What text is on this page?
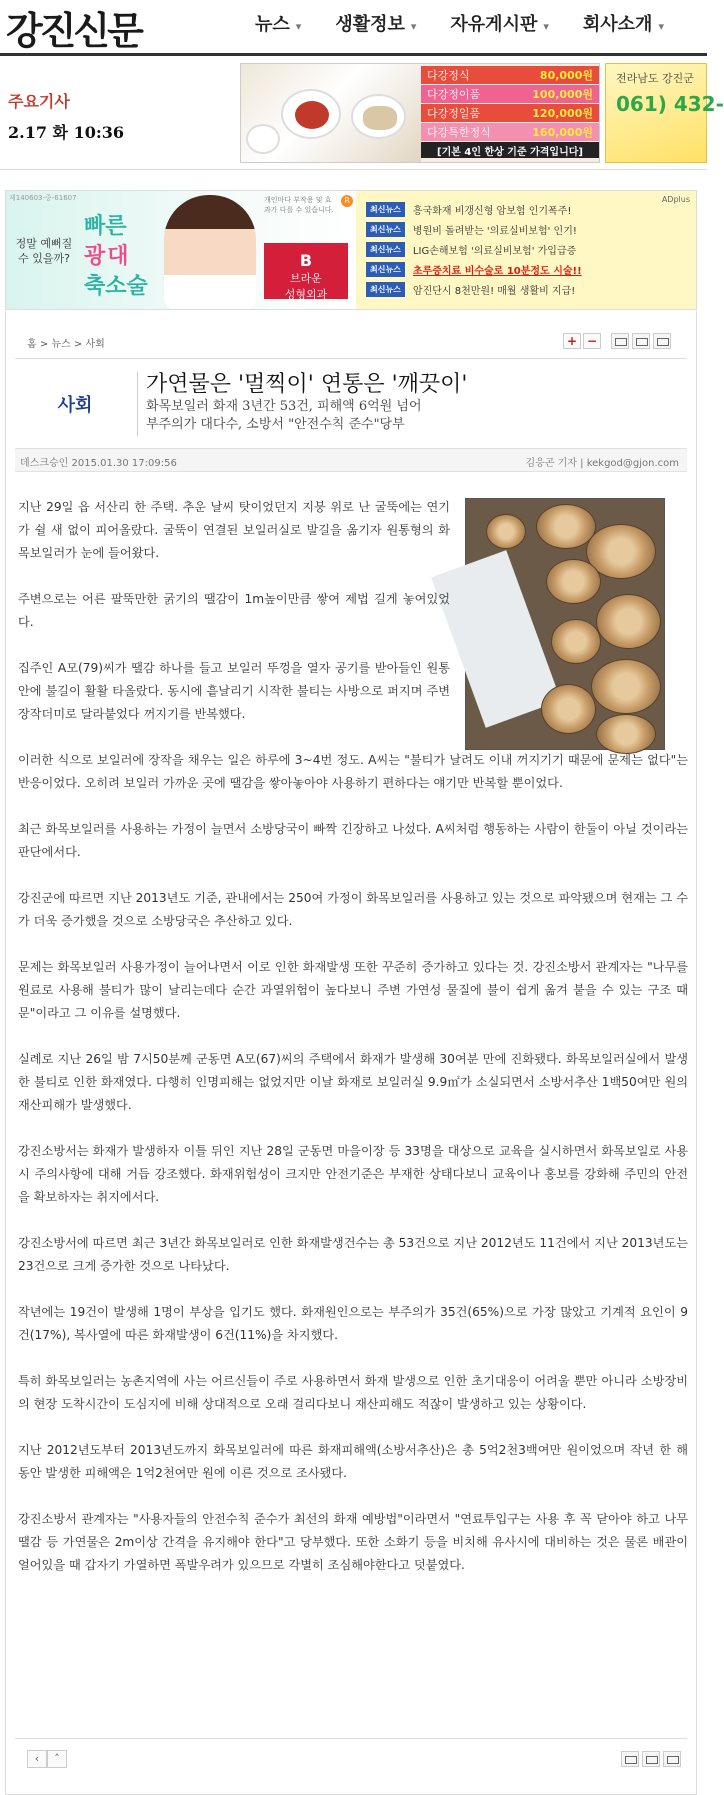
강진신문	뉴스 ▾ 생활정보 ▾ 자유게시판 ▾ 회사소개 ▾
주요기사
2.17 화 10:36
다강정식	80,000원
다강정이품	100,000원
다강정일품	120,000원
다강특한정식	160,000원
[기본 4인 한상 기준 가격입니다]
전라남도 강진군
061) 432-
제140603-중-61607
정말 예뻐질 수 있을까?
빠른
광대
축소술
개인마다 부작용 및 효과가 다를 수 있습니다.
R
B
브라운
성형외과
ADplus
최신뉴스	흥국화재 비갱신형 암보험 인기폭주!
최신뉴스	병원비 돌려받는 '의료실비보험' 인기!
최신뉴스	LIG손해보험 '의료실비보험' 가입급증
최신뉴스	초루증치료 비수술로 10분정도 시술!!
최신뉴스	암진단시 8천만원! 매월 생활비 지급!
홈 > 뉴스 > 사회	+ −
사회
가연물은 '멀찍이' 연통은 '깨끗이'
화목보일러 화재 3년간 53건, 피해액 6억원 넘어
부주의가 대다수, 소방서 "안전수칙 준수"당부
데스크승인 2015.01.30 17:09:56	김응곤 기자 | kekgod@gjon.com
지난 29일 읍 서산리 한 주택. 추운 날씨 탓이었던지 지붕 위로 난 굴뚝에는 연기가 쉴 새 없이 피어올랐다. 굴뚝이 연결된 보일러실로 발길을 옮기자 원통형의 화목보일러가 눈에 들어왔다.
주변으로는 어른 팔뚝만한 굵기의 땔감이 1m높이만큼 쌓여 제법 길게 놓여있었다.
집주인 A모(79)씨가 땔감 하나를 들고 보일러 뚜껑을 열자 공기를 받아들인 원통 안에 불길이 활활 타올랐다. 동시에 흩날리기 시작한 불티는 사방으로 퍼지며 주변 장작더미로 달라붙었다 꺼지기를 반복했다.
이러한 식으로 보일러에 장작을 채우는 일은 하루에 3~4번 정도. A씨는 "불티가 날려도 이내 꺼지기기 때문에 문제는 없다"는 반응이었다. 오히려 보일러 가까운 곳에 땔감을 쌓아놓아야 사용하기 편하다는 얘기만 반복할 뿐이었다.
최근 화목보일러를 사용하는 가정이 늘면서 소방당국이 빠짝 긴장하고 나섰다. A씨처럼 행동하는 사람이 한둘이 아닐 것이라는 판단에서다.
강진군에 따르면 지난 2013년도 기준, 관내에서는 250여 가정이 화목보일러를 사용하고 있는 것으로 파악됐으며 현재는 그 수가 더욱 증가했을 것으로 소방당국은 추산하고 있다.
문제는 화목보일러 사용가정이 늘어나면서 이로 인한 화재발생 또한 꾸준히 증가하고 있다는 것. 강진소방서 관계자는 "나무를 원료로 사용해 불티가 많이 날리는데다 순간 과열위험이 높다보니 주변 가연성 물질에 불이 쉽게 옮겨 붙을 수 있는 구조 때문"이라고 그 이유를 설명했다.
실례로 지난 26일 밤 7시50분께 군동면 A모(67)씨의 주택에서 화재가 발생해 30여분 만에 진화됐다. 화목보일러실에서 발생한 불티로 인한 화재였다. 다행히 인명피해는 없었지만 이날 화재로 보일러실 9.9㎡가 소실되면서 소방서추산 1백50여만 원의 재산피해가 발생했다.
강진소방서는 화재가 발생하자 이틀 뒤인 지난 28일 군동면 마을이장 등 33명을 대상으로 교육을 실시하면서 화목보일로 사용 시 주의사항에 대해 거듭 강조했다. 화재위험성이 크지만 안전기준은 부재한 상태다보니 교육이나 홍보를 강화해 주민의 안전을 확보하자는 취지에서다.
강진소방서에 따르면 최근 3년간 화목보일러로 인한 화재발생건수는 총 53건으로 지난 2012년도 11건에서 지난 2013년도는 23건으로 크게 증가한 것으로 나타났다.
작년에는 19건이 발생해 1명이 부상을 입기도 했다. 화재원인으로는 부주의가 35건(65%)으로 가장 많았고 기계적 요인이 9건(17%), 복사열에 따른 화재발생이 6건(11%)을 차지했다.
특히 화목보일러는 농촌지역에 사는 어르신들이 주로 사용하면서 화재 발생으로 인한 초기대응이 어려울 뿐만 아니라 소방장비의 현장 도착시간이 도심지에 비해 상대적으로 오래 걸리다보니 재산피해도 적잖이 발생하고 있는 상황이다.
지난 2012년도부터 2013년도까지 화목보일러에 따른 화재피해액(소방서추산)은 총 5억2천3백여만 원이었으며 작년 한 해 동안 발생한 피해액은 1억2천여만 원에 이른 것으로 조사됐다.
강진소방서 관계자는 "사용자들의 안전수칙 준수가 최선의 화재 예방법"이라면서 "연료투입구는 사용 후 꼭 닫아야 하고 나무땔감 등 가연물은 2m이상 간격을 유지해야 한다"고 당부했다. 또한 소화기 등을 비치해 유사시에 대비하는 것은 물론 배관이 얼어있을 때 갑자기 가열하면 폭발우려가 있으므로 각별히 조심해야한다고 덧붙였다.
‹	˄
